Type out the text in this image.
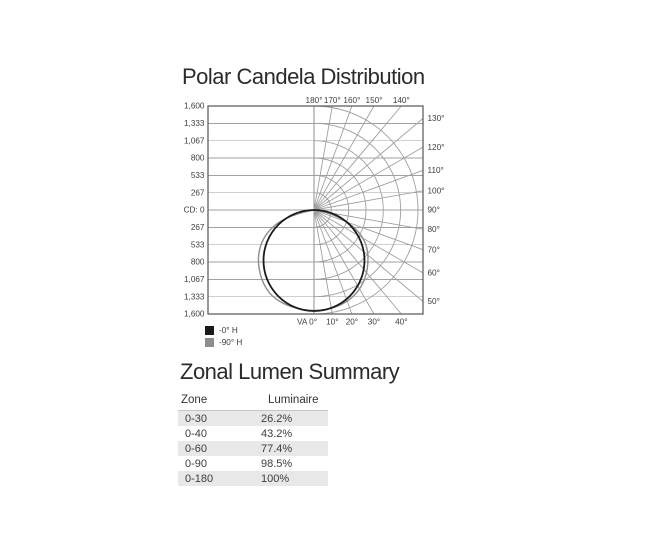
Polar Candela Distribution
1,600
1,333
1,067
800
533
267
CD: 0
267
533
800
1,067
1,333
1,600
180° 170° 160° 150° 140°
130°
120°
110°
100°
90°
80°
70°
60°
50°
VA 0° 10° 20° 30° 40°
-0° H
-90° H
Zonal Lumen Summary
Zone	Luminaire
0-30	26.2%
0-40	43.2%
0-60	77.4%
0-90	98.5%
0-180	100%
